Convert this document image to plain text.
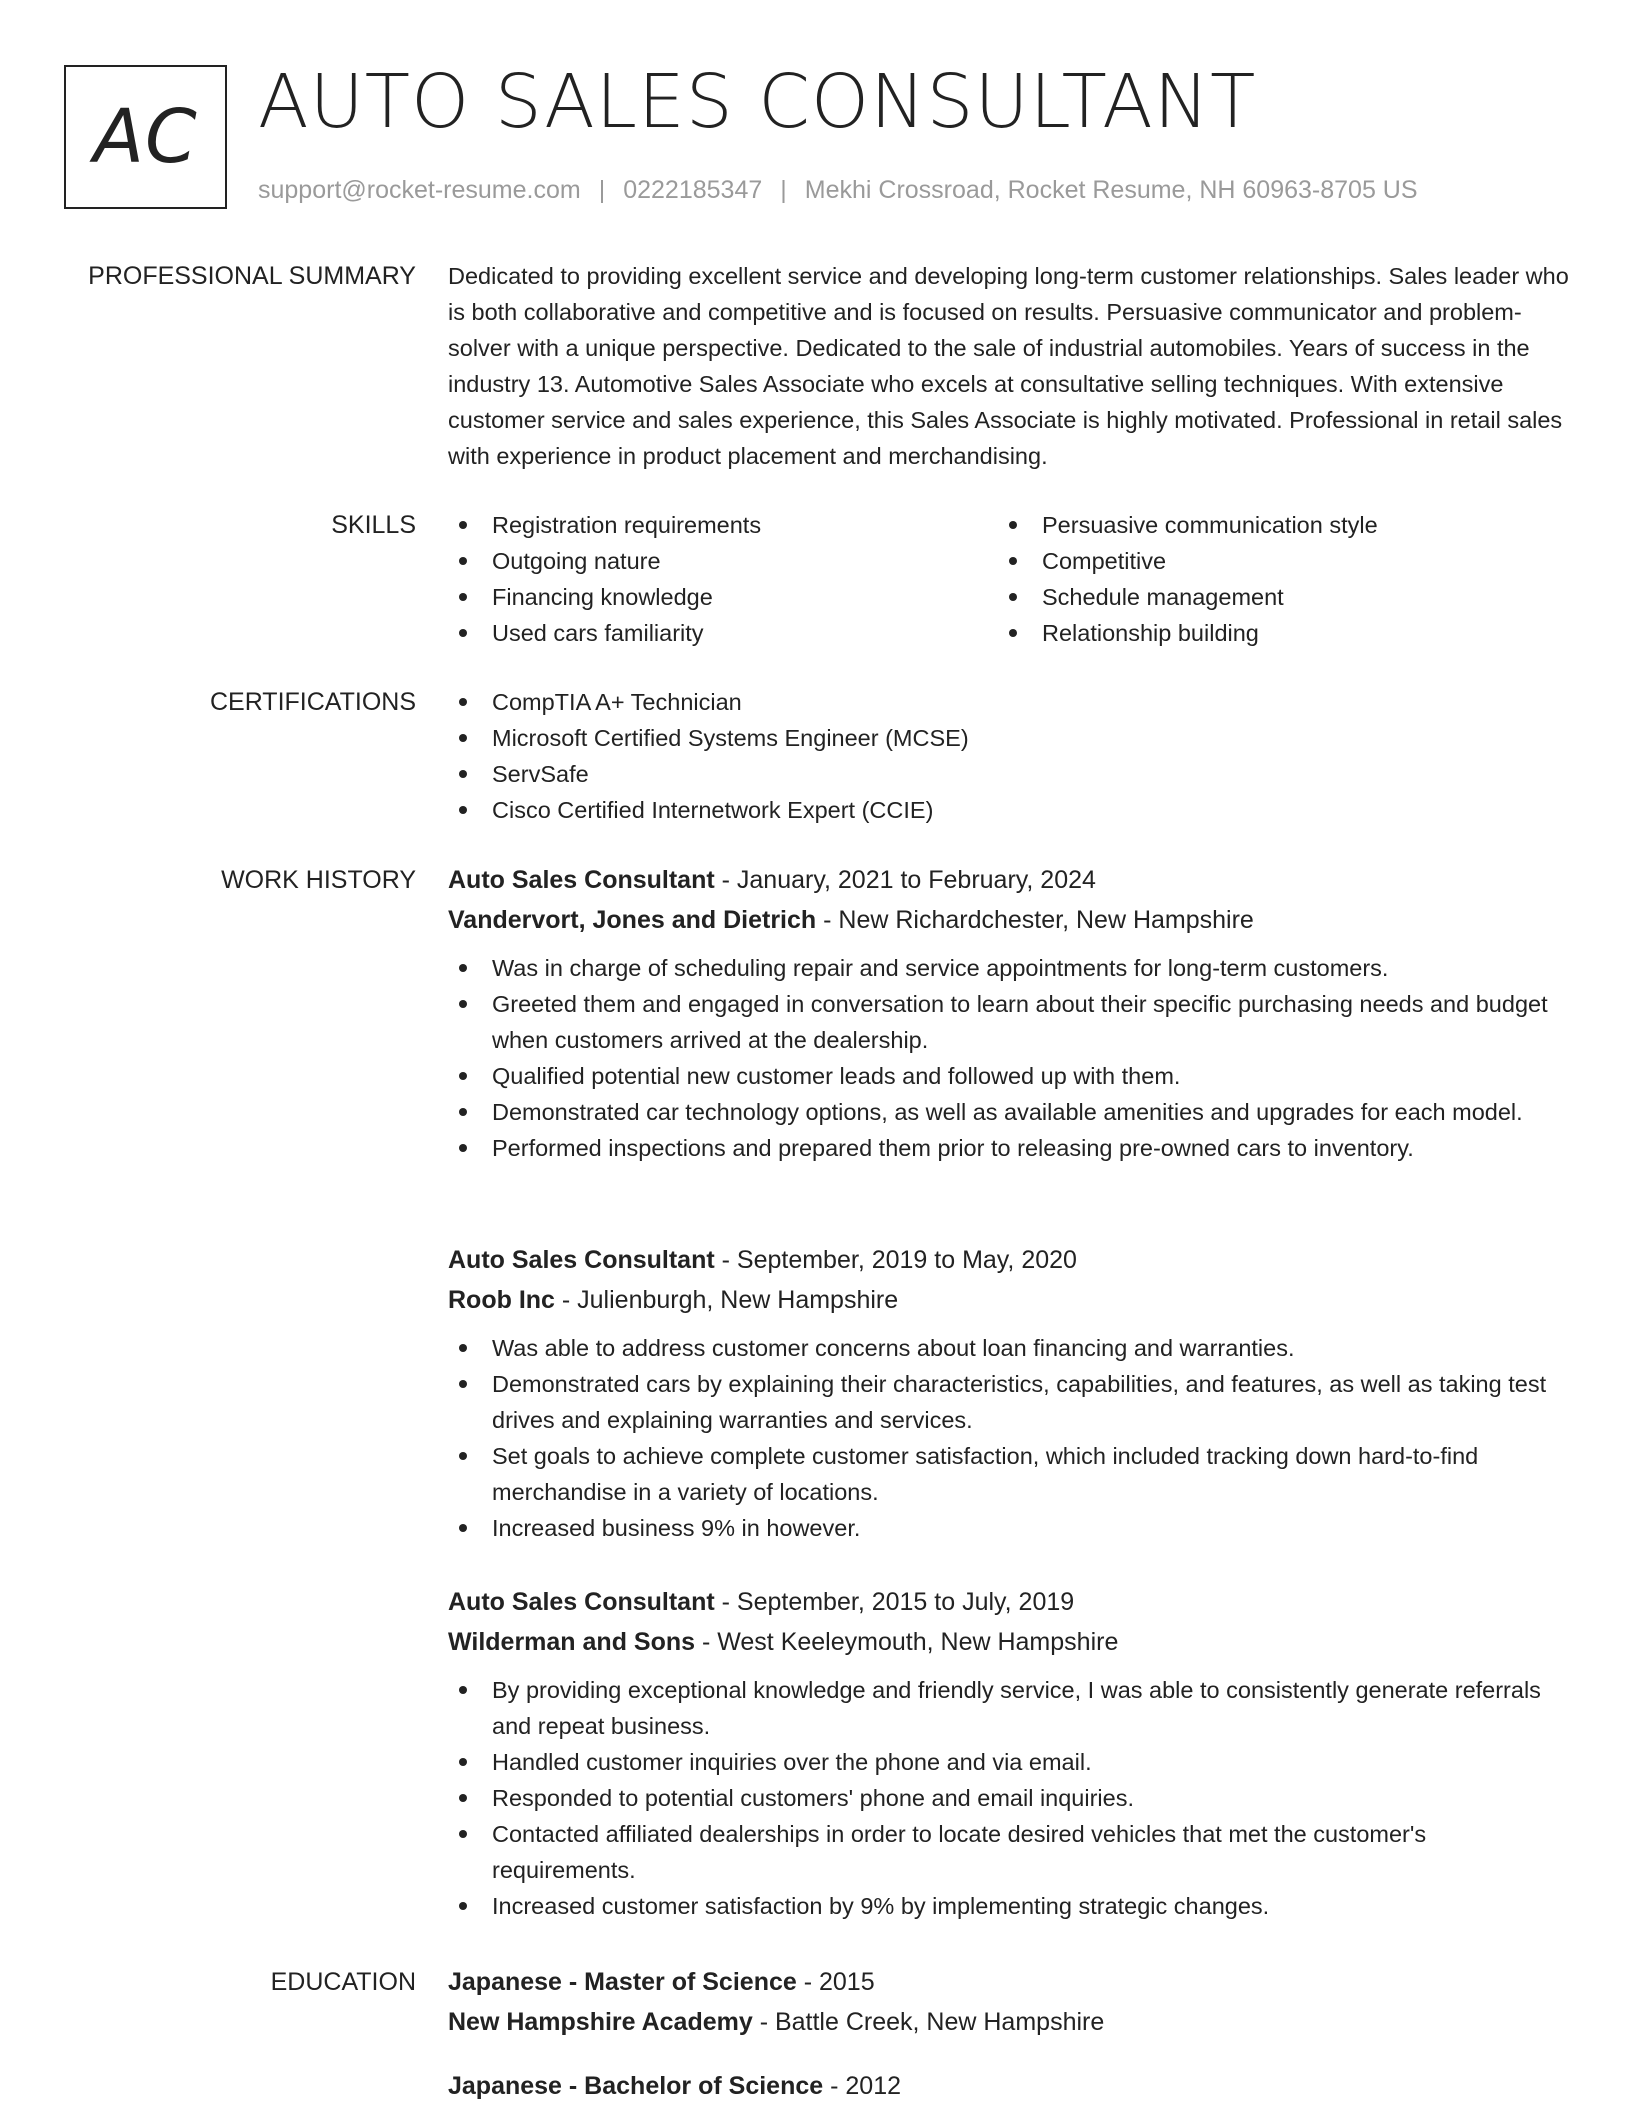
AC AUTO SALES CONSULTANT
support@rocket-resume.com | 0222185347 | Mekhi Crossroad, Rocket Resume, NH 60963-8705 US
PROFESSIONAL SUMMARY Dedicated to providing excellent service and developing long-term customer relationships. Sales leader who is both collaborative and competitive and is focused on results. Persuasive communicator and problem-solver with a unique perspective. Dedicated to the sale of industrial automobiles. Years of success in the industry 13. Automotive Sales Associate who excels at consultative selling techniques. With extensive customer service and sales experience, this Sales Associate is highly motivated. Professional in retail sales with experience in product placement and merchandising.
SKILLS	Registration requirements
Outgoing nature
Financing knowledge
Used cars familiarity
Persuasive communication style
Competitive
Schedule management
Relationship building
CERTIFICATIONS	CompTIA A+ Technician
Microsoft Certified Systems Engineer (MCSE)
ServSafe
Cisco Certified Internetwork Expert (CCIE)
WORK HISTORY Auto Sales Consultant - January, 2021 to February, 2024
Vandervort, Jones and Dietrich - New Richardchester, New Hampshire
Was in charge of scheduling repair and service appointments for long-term customers.
Greeted them and engaged in conversation to learn about their specific purchasing needs and budget when customers arrived at the dealership.
Qualified potential new customer leads and followed up with them.
Demonstrated car technology options, as well as available amenities and upgrades for each model.
Performed inspections and prepared them prior to releasing pre-owned cars to inventory.
Auto Sales Consultant - September, 2019 to May, 2020
Roob Inc - Julienburgh, New Hampshire
Was able to address customer concerns about loan financing and warranties.
Demonstrated cars by explaining their characteristics, capabilities, and features, as well as taking test drives and explaining warranties and services.
Set goals to achieve complete customer satisfaction, which included tracking down hard-to-find merchandise in a variety of locations.
Increased business 9% in however.
Auto Sales Consultant - September, 2015 to July, 2019
Wilderman and Sons - West Keeleymouth, New Hampshire
By providing exceptional knowledge and friendly service, I was able to consistently generate referrals and repeat business.
Handled customer inquiries over the phone and via email.
Responded to potential customers' phone and email inquiries.
Contacted affiliated dealerships in order to locate desired vehicles that met the customer's requirements.
Increased customer satisfaction by 9% by implementing strategic changes.
EDUCATION Japanese - Master of Science - 2015
New Hampshire Academy - Battle Creek, New Hampshire
Japanese - Bachelor of Science - 2012
